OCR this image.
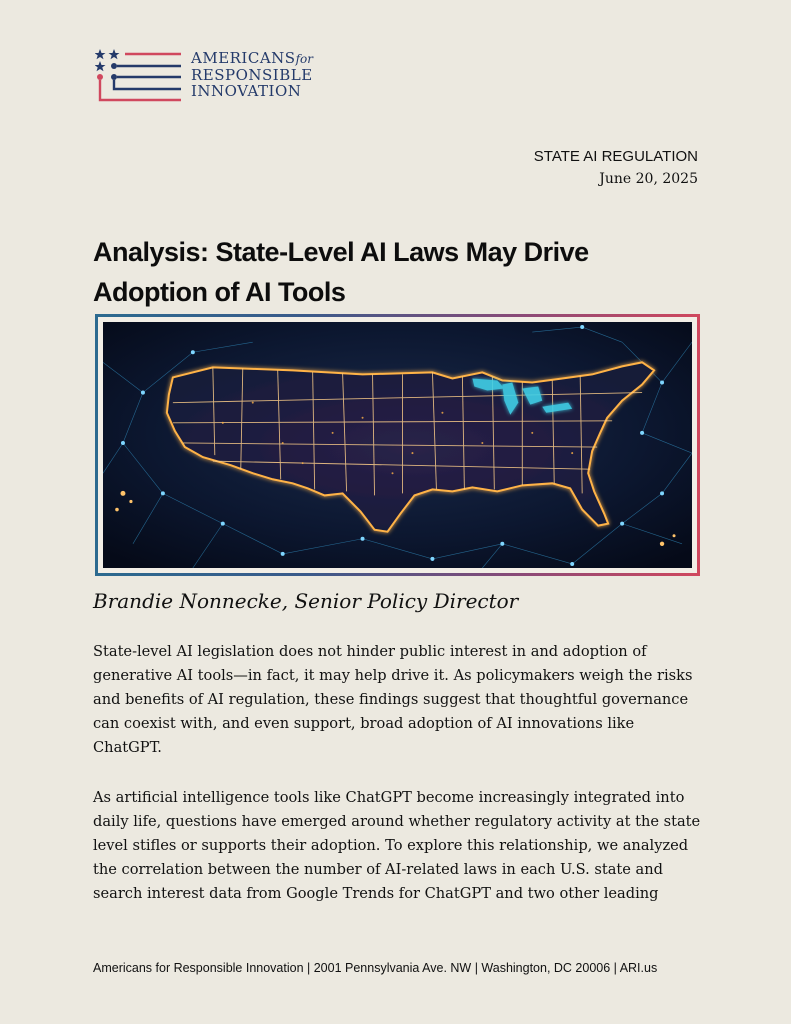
AMERICANSfor
RESPONSIBLE
INNOVATION
STATE AI REGULATION
June 20, 2025
Analysis: State-Level AI Laws May Drive Adoption of AI Tools
Brandie Nonnecke, Senior Policy Director

State-level AI legislation does not hinder public interest in and adoption of generative AI tools—in fact, it may help drive it. As policymakers weigh the risks and benefits of AI regulation, these findings suggest that thoughtful governance can coexist with, and even support, broad adoption of AI innovations like ChatGPT.

As artificial intelligence tools like ChatGPT become increasingly integrated into daily life, questions have emerged around whether regulatory activity at the state level stifles or supports their adoption. To explore this relationship, we analyzed the correlation between the number of AI-related laws in each U.S. state and search interest data from Google Trends for ChatGPT and two other leading

Americans for Responsible Innovation | 2001 Pennsylvania Ave. NW | Washington, DC 20006 | ARI.us
